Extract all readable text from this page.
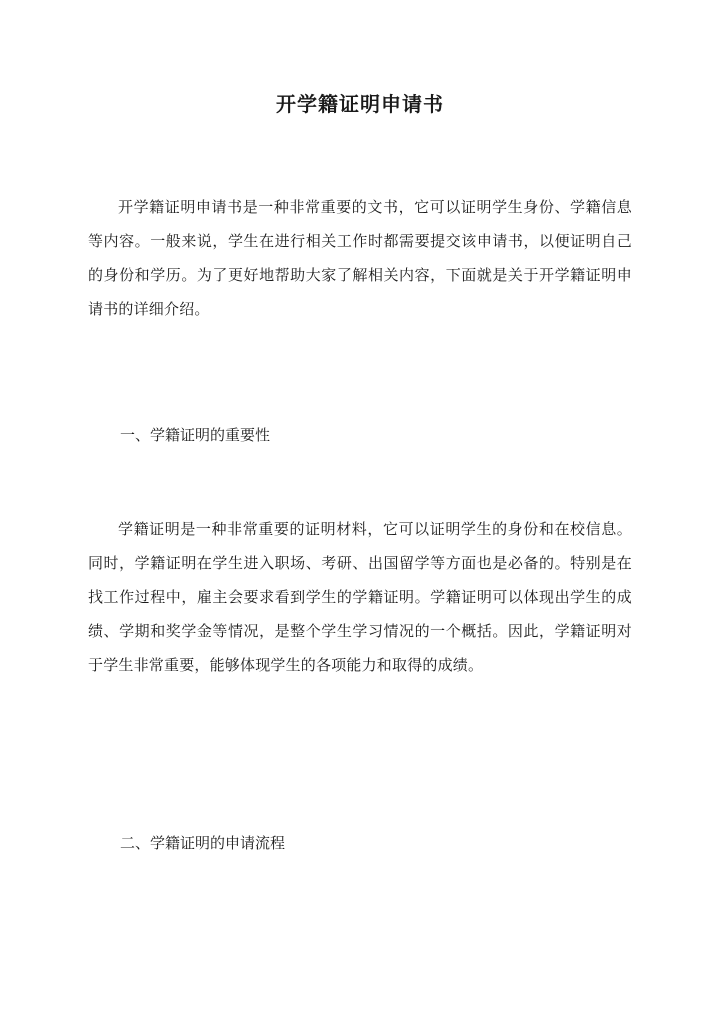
开学籍证明申请书

开学籍证明申请书是一种非常重要的文书，它可以证明学生身份、学籍信息等内容。一般来说，学生在进行相关工作时都需要提交该申请书，以便证明自己的身份和学历。为了更好地帮助大家了解相关内容，下面就是关于开学籍证明申请书的详细介绍。

一、学籍证明的重要性

学籍证明是一种非常重要的证明材料，它可以证明学生的身份和在校信息。同时，学籍证明在学生进入职场、考研、出国留学等方面也是必备的。特别是在找工作过程中，雇主会要求看到学生的学籍证明。学籍证明可以体现出学生的成绩、学期和奖学金等情况，是整个学生学习情况的一个概括。因此，学籍证明对于学生非常重要，能够体现学生的各项能力和取得的成绩。

二、学籍证明的申请流程
